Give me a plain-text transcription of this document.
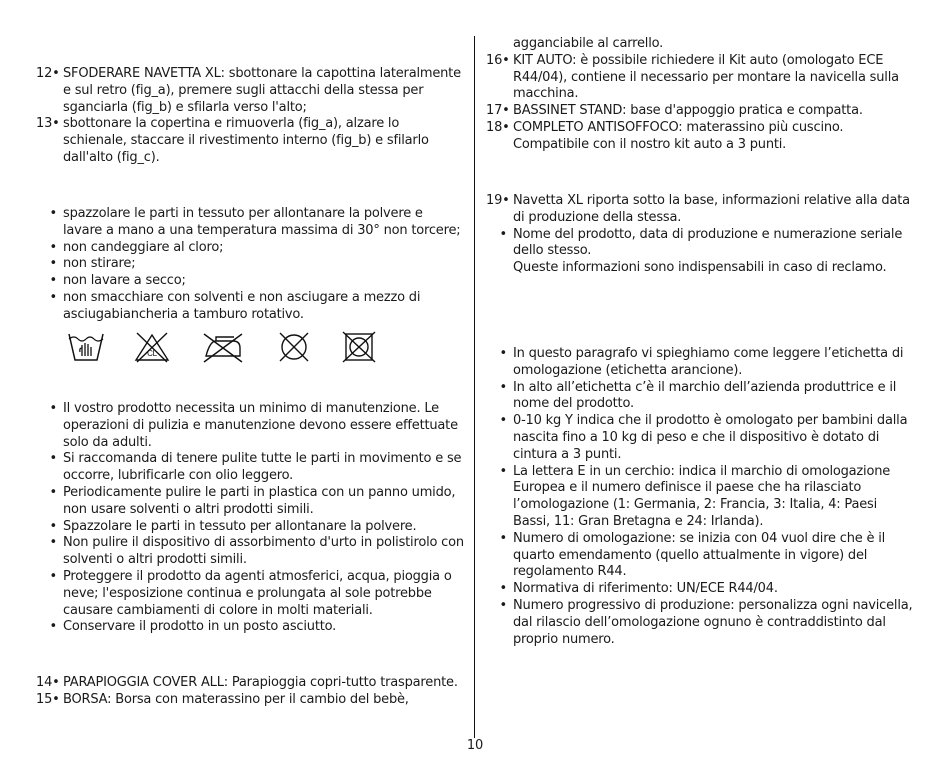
12• SFODERARE NAVETTA XL: sbottonare la capottina lateralmente e sul retro (fig_a), premere sugli attacchi della stessa per sganciarla (fig_b) e sfilarla verso l'alto;
13• sbottonare la copertina e rimuoverla (fig_a), alzare lo schienale, staccare il rivestimento interno (fig_b) e sfilarlo dall'alto (fig_c).
• spazzolare le parti in tessuto per allontanare la polvere e lavare a mano a una temperatura massima di 30° non torcere;
• non candeggiare al cloro;
• non stirare;
• non lavare a secco;
• non smacchiare con solventi e non asciugare a mezzo di asciugabiancheria a tamburo rotativo.
• Il vostro prodotto necessita un minimo di manutenzione. Le operazioni di pulizia e manutenzione devono essere effettuate solo da adulti.
• Si raccomanda di tenere pulite tutte le parti in movimento e se occorre, lubrificarle con olio leggero.
• Periodicamente pulire le parti in plastica con un panno umido, non usare solventi o altri prodotti simili.
• Spazzolare le parti in tessuto per allontanare la polvere.
• Non pulire il dispositivo di assorbimento d'urto in polistirolo con solventi o altri prodotti simili.
• Proteggere il prodotto da agenti atmosferici, acqua, pioggia o neve; l'esposizione continua e prolungata al sole potrebbe causare cambiamenti di colore in molti materiali.
• Conservare il prodotto in un posto asciutto.
14• PARAPIOGGIA COVER ALL: Parapioggia copri-tutto trasparente.
15• BORSA: Borsa con materassino per il cambio del bebè,
CL
agganciabile al carrello.
16• KIT AUTO: è possibile richiedere il Kit auto (omologato ECE R44/04), contiene il necessario per montare la navicella sulla macchina.
17• BASSINET STAND: base d'appoggio pratica e compatta.
18• COMPLETO ANTISOFFOCO: materassino più cuscino. Compatibile con il nostro kit auto a 3 punti.
19• Navetta XL riporta sotto la base, informazioni relative alla data di produzione della stessa.
• Nome del prodotto, data di produzione e numerazione seriale dello stesso.
Queste informazioni sono indispensabili in caso di reclamo.
• In questo paragrafo vi spieghiamo come leggere l’etichetta di omologazione (etichetta arancione).
• In alto all’etichetta c’è il marchio dell’azienda produttrice e il nome del prodotto.
• 0-10 kg Y indica che il prodotto è omologato per bambini dalla nascita fino a 10 kg di peso e che il dispositivo è dotato di cintura a 3 punti.
• La lettera E in un cerchio: indica il marchio di omologazione Europea e il numero definisce il paese che ha rilasciato l’omologazione (1: Germania, 2: Francia, 3: Italia, 4: Paesi Bassi, 11: Gran Bretagna e 24: Irlanda).
• Numero di omologazione: se inizia con 04 vuol dire che è il quarto emendamento (quello attualmente in vigore) del regolamento R44.
• Normativa di riferimento: UN/ECE R44/04.
• Numero progressivo di produzione: personalizza ogni navicella, dal rilascio dell’omologazione ognuno è contraddistinto dal proprio numero.
10
